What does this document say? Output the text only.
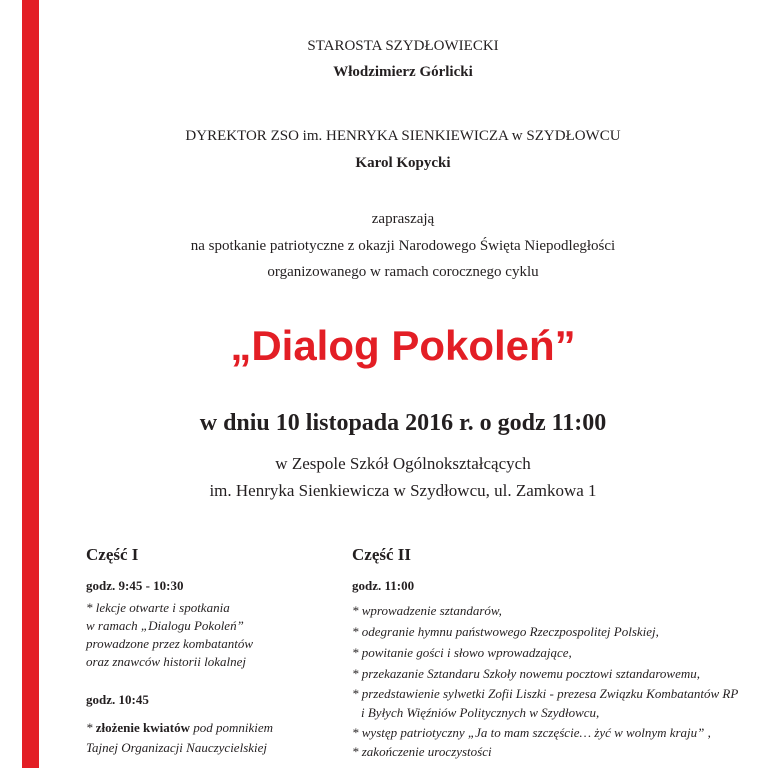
STAROSTA SZYDŁOWIECKI
Włodzimierz Górlicki
DYREKTOR ZSO im. HENRYKA SIENKIEWICZA w SZYDŁOWCU
Karol Kopycki
zapraszają
na spotkanie patriotyczne z okazji Narodowego Święta Niepodległości
organizowanego w ramach corocznego cyklu
„Dialog Pokoleń”
w dniu 10 listopada 2016 r. o godz 11:00
w Zespole Szkół Ogólnokształcących
im. Henryka Sienkiewicza w Szydłowcu, ul. Zamkowa 1
Część I
godz. 9:45 - 10:30
* lekcje otwarte i spotkania
w ramach „Dialogu Pokoleń”
prowadzone przez kombatantów
oraz znawców historii lokalnej
godz. 10:45
* złożenie kwiatów pod pomnikiem
Tajnej Organizacji Nauczycielskiej
Część II
godz. 11:00
* wprowadzenie sztandarów,
* odegranie hymnu państwowego Rzeczpospolitej Polskiej,
* powitanie gości i słowo wprowadzające,
* przekazanie Sztandaru Szkoły nowemu pocztowi sztandarowemu,
* przedstawienie sylwetki Zofii Liszki - prezesa Związku Kombatantów RP
i Byłych Więźniów Politycznych w Szydłowcu,
* występ patriotyczny „Ja to mam szczęście… żyć w wolnym kraju” ,
* zakończenie uroczystości
